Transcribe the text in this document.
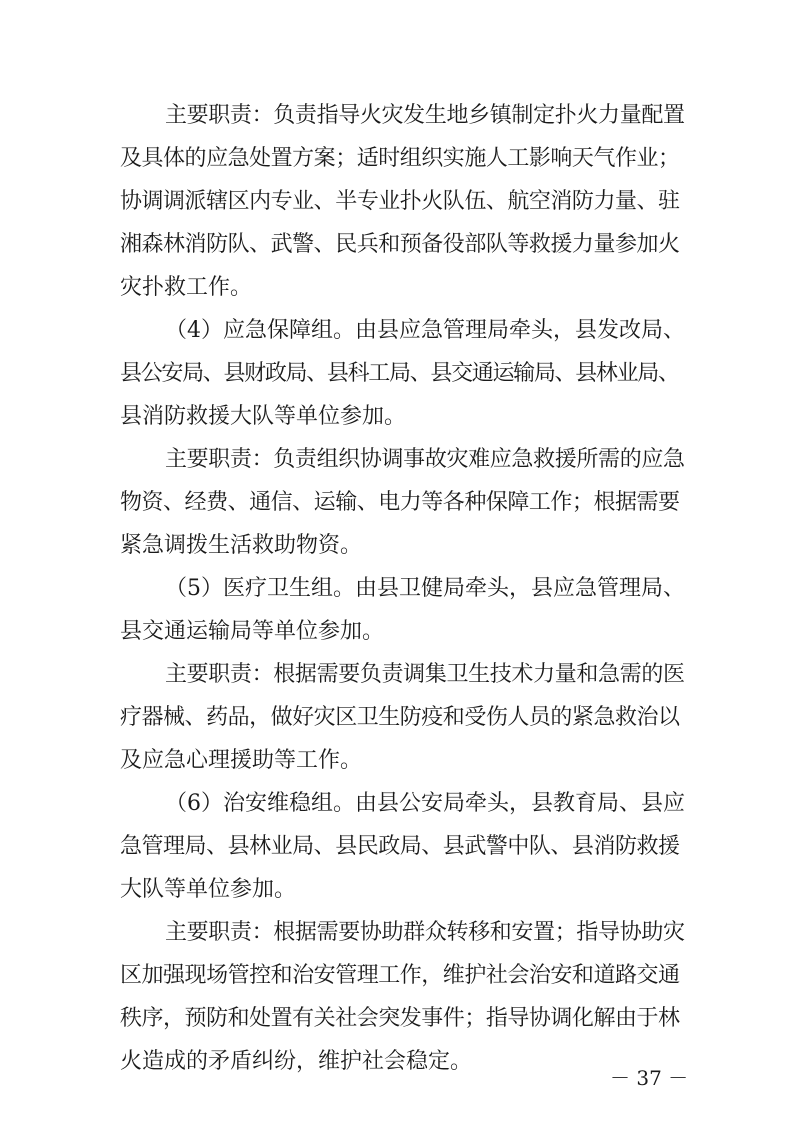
主要职责：负责指导火灾发生地乡镇制定扑火力量配置
及具体的应急处置方案；适时组织实施人工影响天气作业；
协调调派辖区内专业、半专业扑火队伍、航空消防力量、驻
湘森林消防队、武警、民兵和预备役部队等救援力量参加火
灾扑救工作。
（4）应急保障组。由县应急管理局牵头，县发改局、
县公安局、县财政局、县科工局、县交通运输局、县林业局、
县消防救援大队等单位参加。
主要职责：负责组织协调事故灾难应急救援所需的应急
物资、经费、通信、运输、电力等各种保障工作；根据需要
紧急调拨生活救助物资。
（5）医疗卫生组。由县卫健局牵头，县应急管理局、
县交通运输局等单位参加。
主要职责：根据需要负责调集卫生技术力量和急需的医
疗器械、药品，做好灾区卫生防疫和受伤人员的紧急救治以
及应急心理援助等工作。
（6）治安维稳组。由县公安局牵头，县教育局、县应
急管理局、县林业局、县民政局、县武警中队、县消防救援
大队等单位参加。
主要职责：根据需要协助群众转移和安置；指导协助灾
区加强现场管控和治安管理工作，维护社会治安和道路交通
秩序，预防和处置有关社会突发事件；指导协调化解由于林
火造成的矛盾纠纷，维护社会稳定。
－ 37 －
